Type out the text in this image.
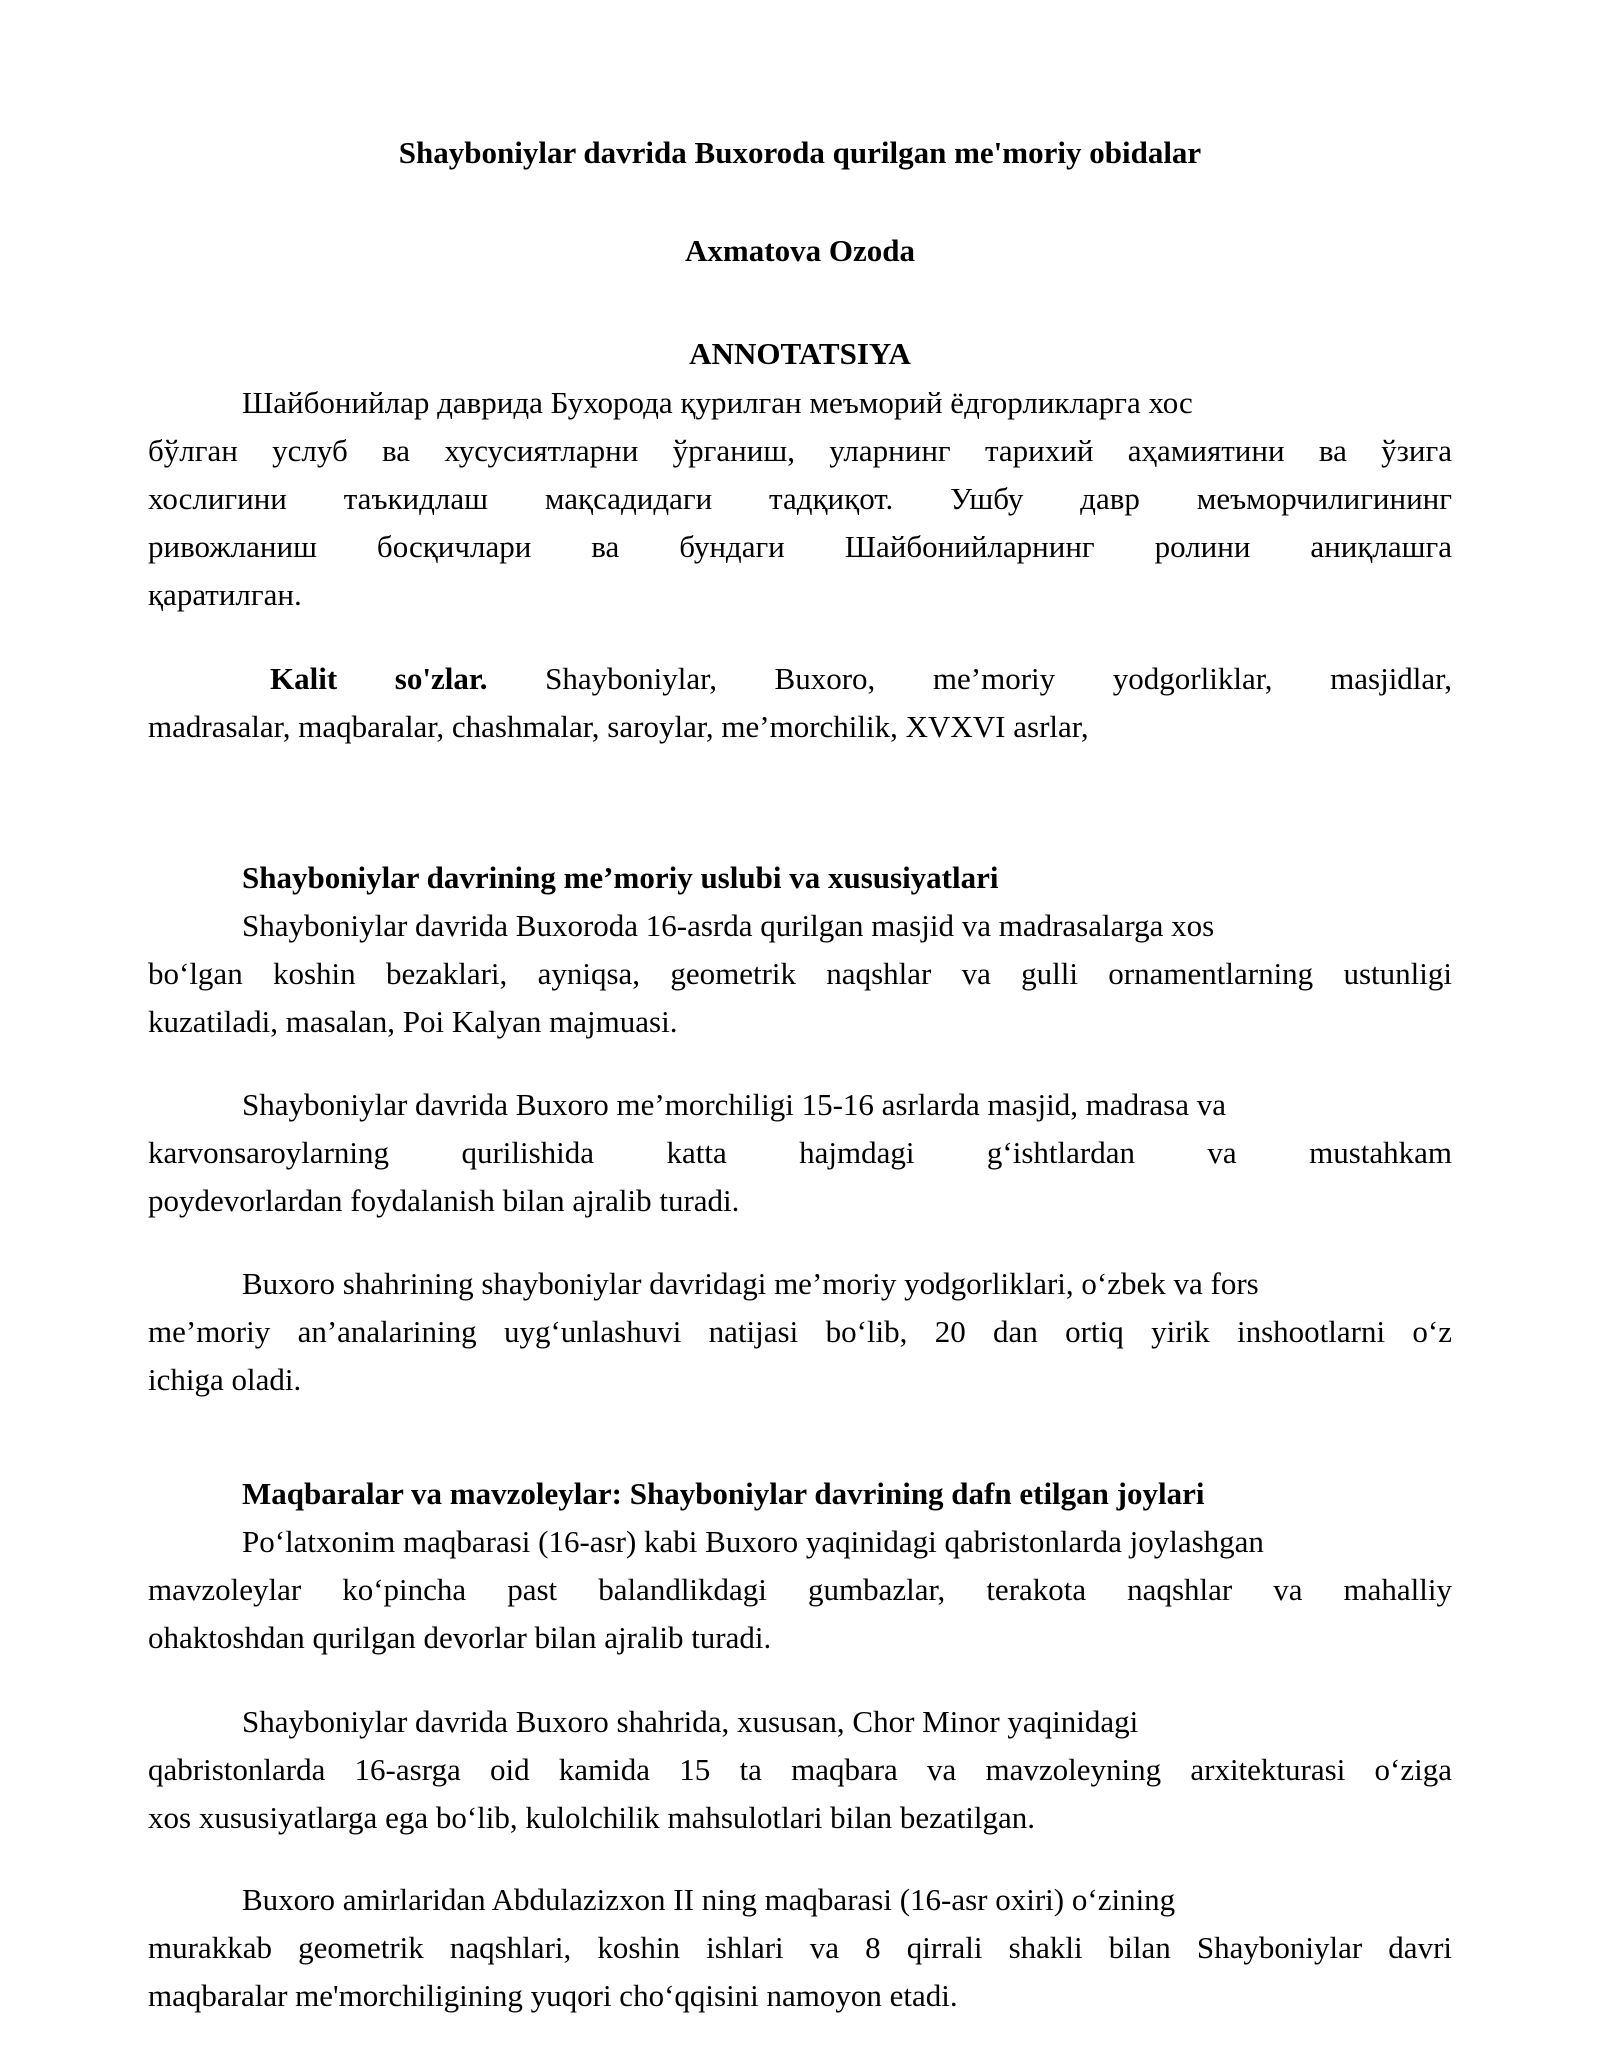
Shayboniylar davrida Buxoroda qurilgan me'moriy obidalar
Axmatova Ozoda
ANNOTATSIYA
Шайбонийлар даврида Бухорода қурилган меъморий ёдгорликларга хос
бўлган услуб ва хусусиятларни ўрганиш, уларнинг тарихий аҳамиятини ва ўзига
хослигини таъкидлаш мақсадидаги тадқиқот. Ушбу давр меъморчилигининг
ривожланиш босқичлари ва бундаги Шайбонийларнинг ролини аниқлашга
қаратилган.
Kalit so'zlar. Shayboniylar, Buxoro, me’moriy yodgorliklar, masjidlar,
madrasalar, maqbaralar, chashmalar, saroylar, me’morchilik, XVXVI asrlar,
Shayboniylar davrining me’moriy uslubi va xususiyatlari
Shayboniylar davrida Buxoroda 16-asrda qurilgan masjid va madrasalarga xos
bo‘lgan koshin bezaklari, ayniqsa, geometrik naqshlar va gulli ornamentlarning ustunligi
kuzatiladi, masalan, Poi Kalyan majmuasi.
Shayboniylar davrida Buxoro me’morchiligi 15-16 asrlarda masjid, madrasa va
karvonsaroylarning qurilishida katta hajmdagi g‘ishtlardan va mustahkam
poydevorlardan foydalanish bilan ajralib turadi.
Buxoro shahrining shayboniylar davridagi me’moriy yodgorliklari, o‘zbek va fors
me’moriy an’analarining uyg‘unlashuvi natijasi bo‘lib, 20 dan ortiq yirik inshootlarni o‘z
ichiga oladi.
Maqbaralar va mavzoleylar: Shayboniylar davrining dafn etilgan joylari
Po‘latxonim maqbarasi (16-asr) kabi Buxoro yaqinidagi qabristonlarda joylashgan
mavzoleylar ko‘pincha past balandlikdagi gumbazlar, terakota naqshlar va mahalliy
ohaktoshdan qurilgan devorlar bilan ajralib turadi.
Shayboniylar davrida Buxoro shahrida, xususan, Chor Minor yaqinidagi
qabristonlarda 16-asrga oid kamida 15 ta maqbara va mavzoleyning arxitekturasi o‘ziga
xos xususiyatlarga ega bo‘lib, kulolchilik mahsulotlari bilan bezatilgan.
Buxoro amirlaridan Abdulazizxon II ning maqbarasi (16-asr oxiri) o‘zining
murakkab geometrik naqshlari, koshin ishlari va 8 qirrali shakli bilan Shayboniylar davri
maqbaralar me'morchiligining yuqori cho‘qqisini namoyon etadi.
